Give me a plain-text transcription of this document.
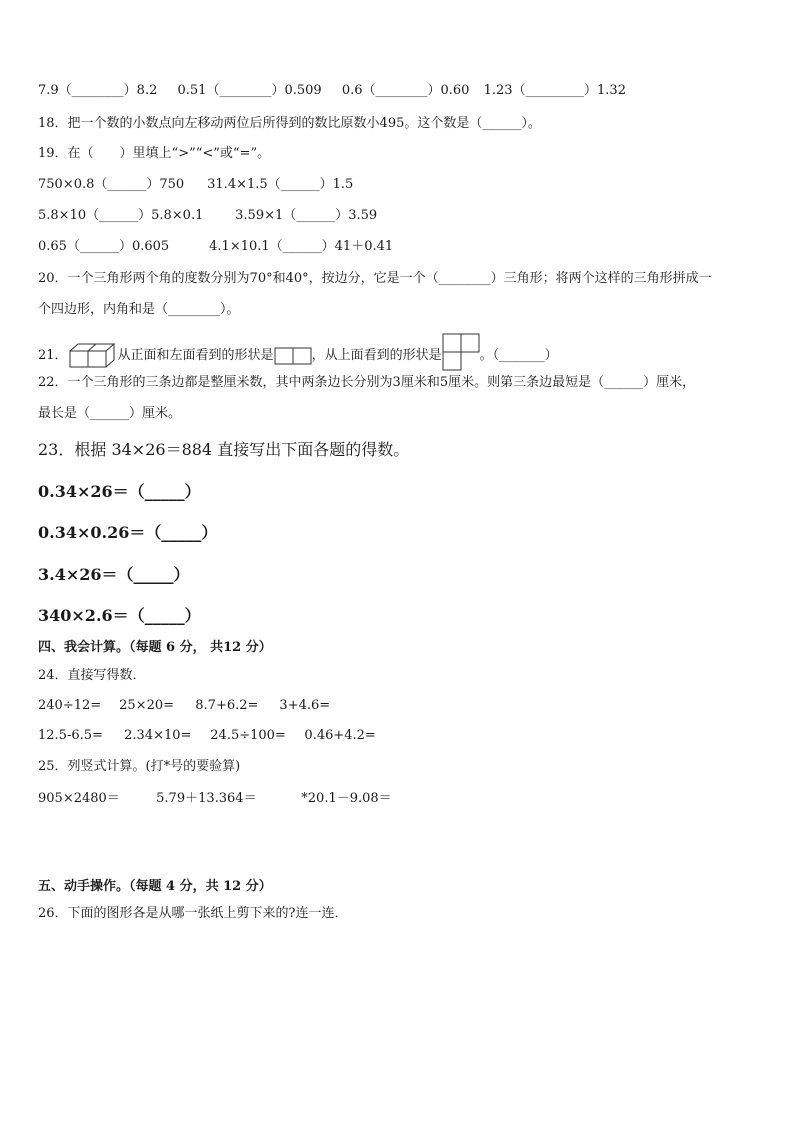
7.9（________）8.2 0.51（________）0.509 0.6（________）0.60 1.23（_________）1.32
18．把一个数的小数点向左移动两位后所得到的数比原数小495。这个数是（______）。
19．在（　　）里填上“>”“<”或“=”。
750×0.8（______）750 31.4×1.5（______）1.5
5.8×10（______）5.8×0.1 3.59×1（______）3.59
0.65（______）0.605	4.1×10.1（______）41＋0.41
20．一个三角形两个角的度数分别为70°和40°，按边分，它是一个（________）三角形；将两个这样的三角形拼成一
个四边形，内角和是（________）。
21．	从正面和左面看到的形状是	，从上面看到的形状是	。（_______）
22．一个三角形的三条边都是整厘米数，其中两条边长分别为3厘米和5厘米。则第三条边最短是（______）厘米，
最长是（______）厘米。
23．根据 34×26＝884 直接写出下面各题的得数。
0.34×26＝（_____）
0.34×0.26＝（_____）
3.4×26＝（_____）
340×2.6＝（_____）
四、我会计算。（每题 6 分， 共12 分）
24．直接写得数．
240÷12= 25×20= 8.7+6.2= 3+4.6=
12.5-6.5= 2.34×10= 24.5÷100= 0.46+4.2=
25．列竖式计算。(打*号的要验算)
905×2480＝	5.79＋13.364＝	*20.1－9.08＝
五、动手操作。（每题 4 分，共 12 分）
26．下面的图形各是从哪一张纸上剪下来的?连一连．
